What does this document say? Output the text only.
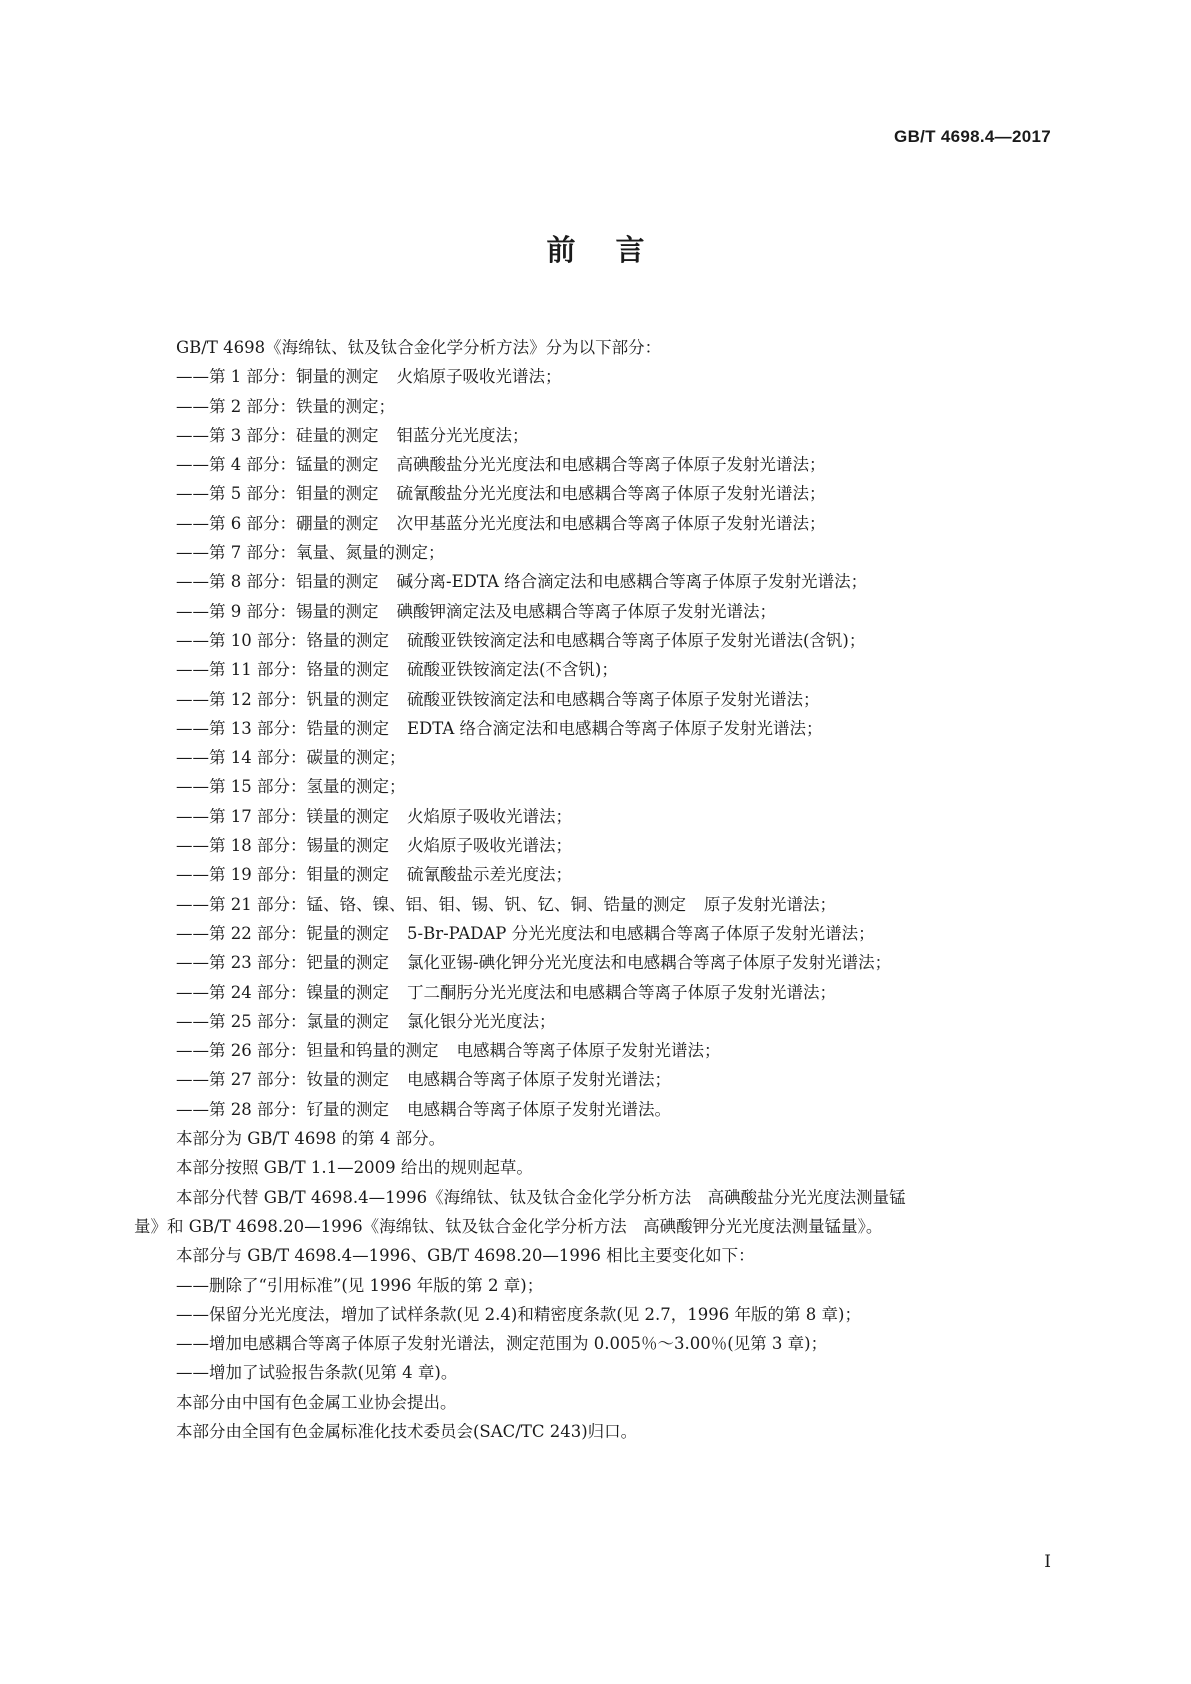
GB/T 4698.4—2017
前言
GB/T 4698《海绵钛、钛及钛合金化学分析方法》分为以下部分：
——第 1 部分：铜量的测定 火焰原子吸收光谱法；
——第 2 部分：铁量的测定；
——第 3 部分：硅量的测定 钼蓝分光光度法；
——第 4 部分：锰量的测定 高碘酸盐分光光度法和电感耦合等离子体原子发射光谱法；
——第 5 部分：钼量的测定 硫氰酸盐分光光度法和电感耦合等离子体原子发射光谱法；
——第 6 部分：硼量的测定 次甲基蓝分光光度法和电感耦合等离子体原子发射光谱法；
——第 7 部分：氧量、氮量的测定；
——第 8 部分：铝量的测定 碱分离-EDTA 络合滴定法和电感耦合等离子体原子发射光谱法；
——第 9 部分：锡量的测定 碘酸钾滴定法及电感耦合等离子体原子发射光谱法；
——第 10 部分：铬量的测定 硫酸亚铁铵滴定法和电感耦合等离子体原子发射光谱法(含钒)；
——第 11 部分：铬量的测定 硫酸亚铁铵滴定法(不含钒)；
——第 12 部分：钒量的测定 硫酸亚铁铵滴定法和电感耦合等离子体原子发射光谱法；
——第 13 部分：锆量的测定 EDTA 络合滴定法和电感耦合等离子体原子发射光谱法；
——第 14 部分：碳量的测定；
——第 15 部分：氢量的测定；
——第 17 部分：镁量的测定 火焰原子吸收光谱法；
——第 18 部分：锡量的测定 火焰原子吸收光谱法；
——第 19 部分：钼量的测定 硫氰酸盐示差光度法；
——第 21 部分：锰、铬、镍、铝、钼、锡、钒、钇、铜、锆量的测定 原子发射光谱法；
——第 22 部分：铌量的测定 5-Br-PADAP 分光光度法和电感耦合等离子体原子发射光谱法；
——第 23 部分：钯量的测定 氯化亚锡-碘化钾分光光度法和电感耦合等离子体原子发射光谱法；
——第 24 部分：镍量的测定 丁二酮肟分光光度法和电感耦合等离子体原子发射光谱法；
——第 25 部分：氯量的测定 氯化银分光光度法；
——第 26 部分：钽量和钨量的测定 电感耦合等离子体原子发射光谱法；
——第 27 部分：钕量的测定 电感耦合等离子体原子发射光谱法；
——第 28 部分：钌量的测定 电感耦合等离子体原子发射光谱法。
本部分为 GB/T 4698 的第 4 部分。
本部分按照 GB/T 1.1—2009 给出的规则起草。
本部分代替 GB/T 4698.4—1996《海绵钛、钛及钛合金化学分析方法　高碘酸盐分光光度法测量锰
量》和 GB/T 4698.20—1996《海绵钛、钛及钛合金化学分析方法　高碘酸钾分光光度法测量锰量》。
本部分与 GB/T 4698.4—1996、GB/T 4698.20—1996 相比主要变化如下：
——删除了“引用标准”(见 1996 年版的第 2 章)；
——保留分光光度法，增加了试样条款(见 2.4)和精密度条款(见 2.7，1996 年版的第 8 章)；
——增加电感耦合等离子体原子发射光谱法，测定范围为 0.005％～3.00％(见第 3 章)；
——增加了试验报告条款(见第 4 章)。
本部分由中国有色金属工业协会提出。
本部分由全国有色金属标准化技术委员会(SAC/TC 243)归口。
I
